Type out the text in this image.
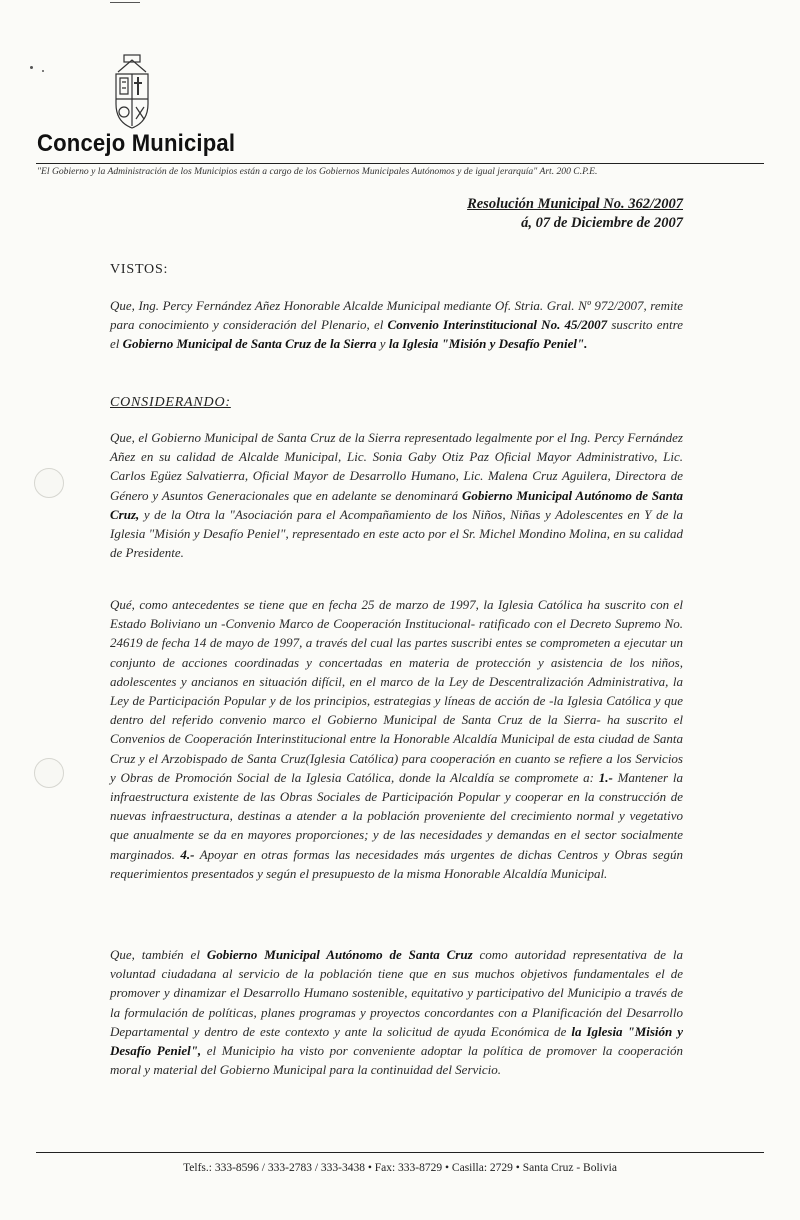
Concejo Municipal
"El Gobierno y la Administración de los Municipios están a cargo de los Gobiernos Municipales Autónomos y de igual jerarquía" Art. 200 C.P.E.
Resolución Municipal No. 362/2007
á, 07 de Diciembre de 2007
VISTOS:
Que, Ing. Percy Fernández Añez Honorable Alcalde Municipal mediante Of. Stria. Gral. Nº 972/2007, remite para conocimiento y consideración del Plenario, el Convenio Interinstitucional No. 45/2007 suscrito entre el Gobierno Municipal de Santa Cruz de la Sierra y la Iglesia "Misión y Desafío Peniel".
CONSIDERANDO:
Que, el Gobierno Municipal de Santa Cruz de la Sierra representado legalmente por el Ing. Percy Fernández Añez en su calidad de Alcalde Municipal, Lic. Sonia Gaby Otiz Paz Oficial Mayor Administrativo, Lic. Carlos Egüez Salvatierra, Oficial Mayor de Desarrollo Humano, Lic. Malena Cruz Aguilera, Directora de Género y Asuntos Generacionales que en adelante se denominará Gobierno Municipal Autónomo de Santa Cruz, y de la Otra la "Asociación para el Acompañamiento de los Niños, Niñas y Adolescentes en Y de la Iglesia "Misión y Desafío Peniel", representado en este acto por el Sr. Michel Mondino Molina, en su calidad de Presidente.
Qué, como antecedentes se tiene que en fecha 25 de marzo de 1997, la Iglesia Católica ha suscrito con el Estado Boliviano un -Convenio Marco de Cooperación Institucional- ratificado con el Decreto Supremo No. 24619 de fecha 14 de mayo de 1997, a través del cual las partes suscribi entes se comprometen a ejecutar un conjunto de acciones coordinadas y concertadas en materia de protección y asistencia de los niños, adolescentes y ancianos en situación difícil, en el marco de la Ley de Descentralización Administrativa, la Ley de Participación Popular y de los principios, estrategias y líneas de acción de -la Iglesia Católica y que dentro del referido convenio marco el Gobierno Municipal de Santa Cruz de la Sierra- ha suscrito el Convenios de Cooperación Interinstitucional entre la Honorable Alcaldía Municipal de esta ciudad de Santa Cruz y el Arzobispado de Santa Cruz(Iglesia Católica) para cooperación en cuanto se refiere a los Servicios y Obras de Promoción Social de la Iglesia Católica, donde la Alcaldía se compromete a: 1.- Mantener la infraestructura existente de las Obras Sociales de Participación Popular y cooperar en la construcción de nuevas infraestructura, destinas a atender a la población proveniente del crecimiento normal y vegetativo que anualmente se da en mayores proporciones; y de las necesidades y demandas en el sector socialmente marginados. 4.- Apoyar en otras formas las necesidades más urgentes de dichas Centros y Obras según requerimientos presentados y según el presupuesto de la misma Honorable Alcaldía Municipal.
Que, también el Gobierno Municipal Autónomo de Santa Cruz como autoridad representativa de la voluntad ciudadana al servicio de la población tiene que en sus muchos objetivos fundamentales el de promover y dinamizar el Desarrollo Humano sostenible, equitativo y participativo del Municipio a través de la formulación de políticas, planes programas y proyectos concordantes con a Planificación del Desarrollo Departamental y dentro de este contexto y ante la solicitud de ayuda Económica de la Iglesia "Misión y Desafío Peniel", el Municipio ha visto por conveniente adoptar la política de promover la cooperación moral y material del Gobierno Municipal para la continuidad del Servicio.
Telfs.: 333-8596 / 333-2783 / 333-3438 • Fax: 333-8729 • Casilla: 2729 • Santa Cruz - Bolivia
